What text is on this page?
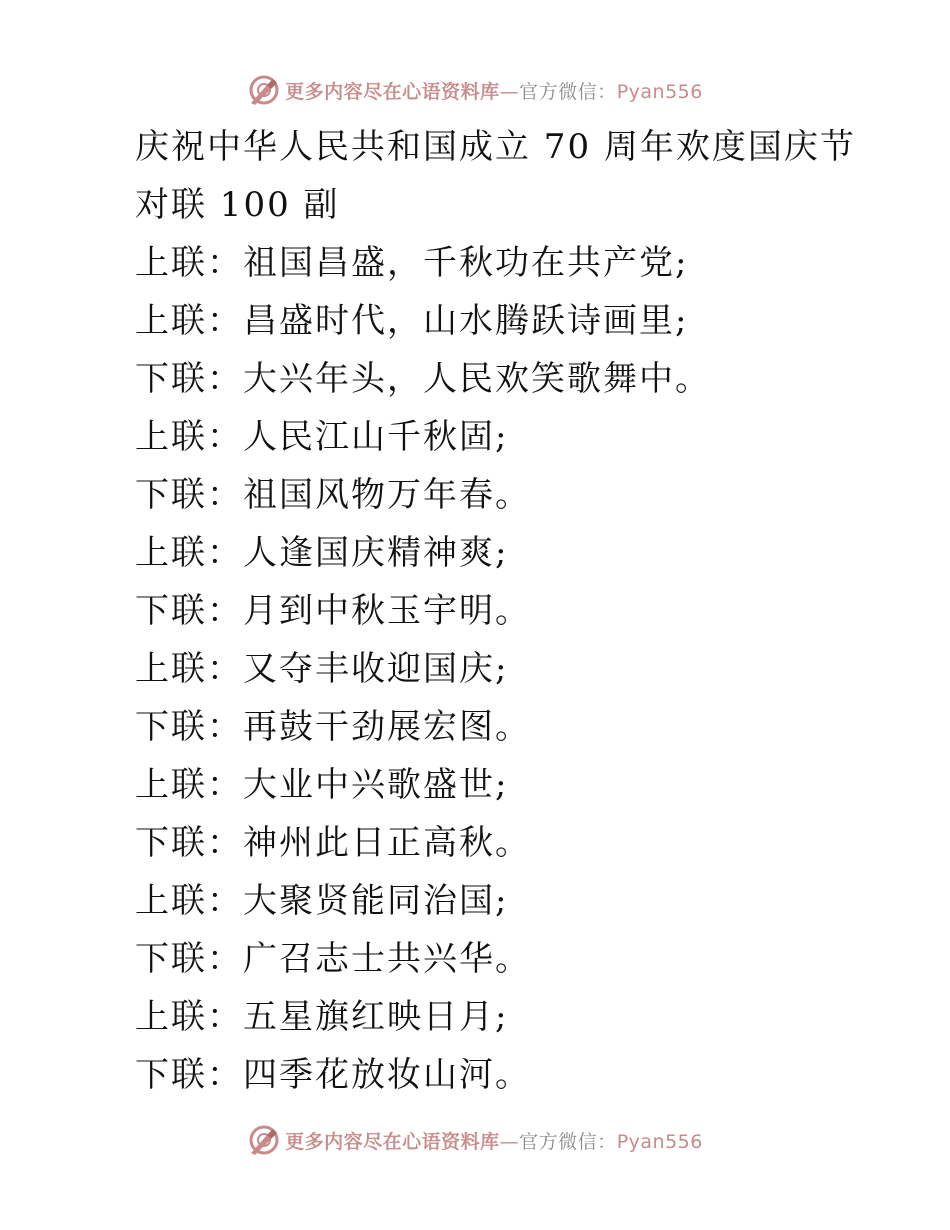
更多内容尽在心语资料库—官方微信：Pyan556
庆祝中华人民共和国成立 70 周年欢度国庆节
对联 100 副
上联：祖国昌盛，千秋功在共产党;
上联：昌盛时代，山水腾跃诗画里;
下联：大兴年头，人民欢笑歌舞中。
上联：人民江山千秋固;
下联：祖国风物万年春。
上联：人逢国庆精神爽;
下联：月到中秋玉宇明。
上联：又夺丰收迎国庆;
下联：再鼓干劲展宏图。
上联：大业中兴歌盛世;
下联：神州此日正高秋。
上联：大聚贤能同治国;
下联：广召志士共兴华。
上联：五星旗红映日月;
下联：四季花放妆山河。
更多内容尽在心语资料库—官方微信：Pyan556
